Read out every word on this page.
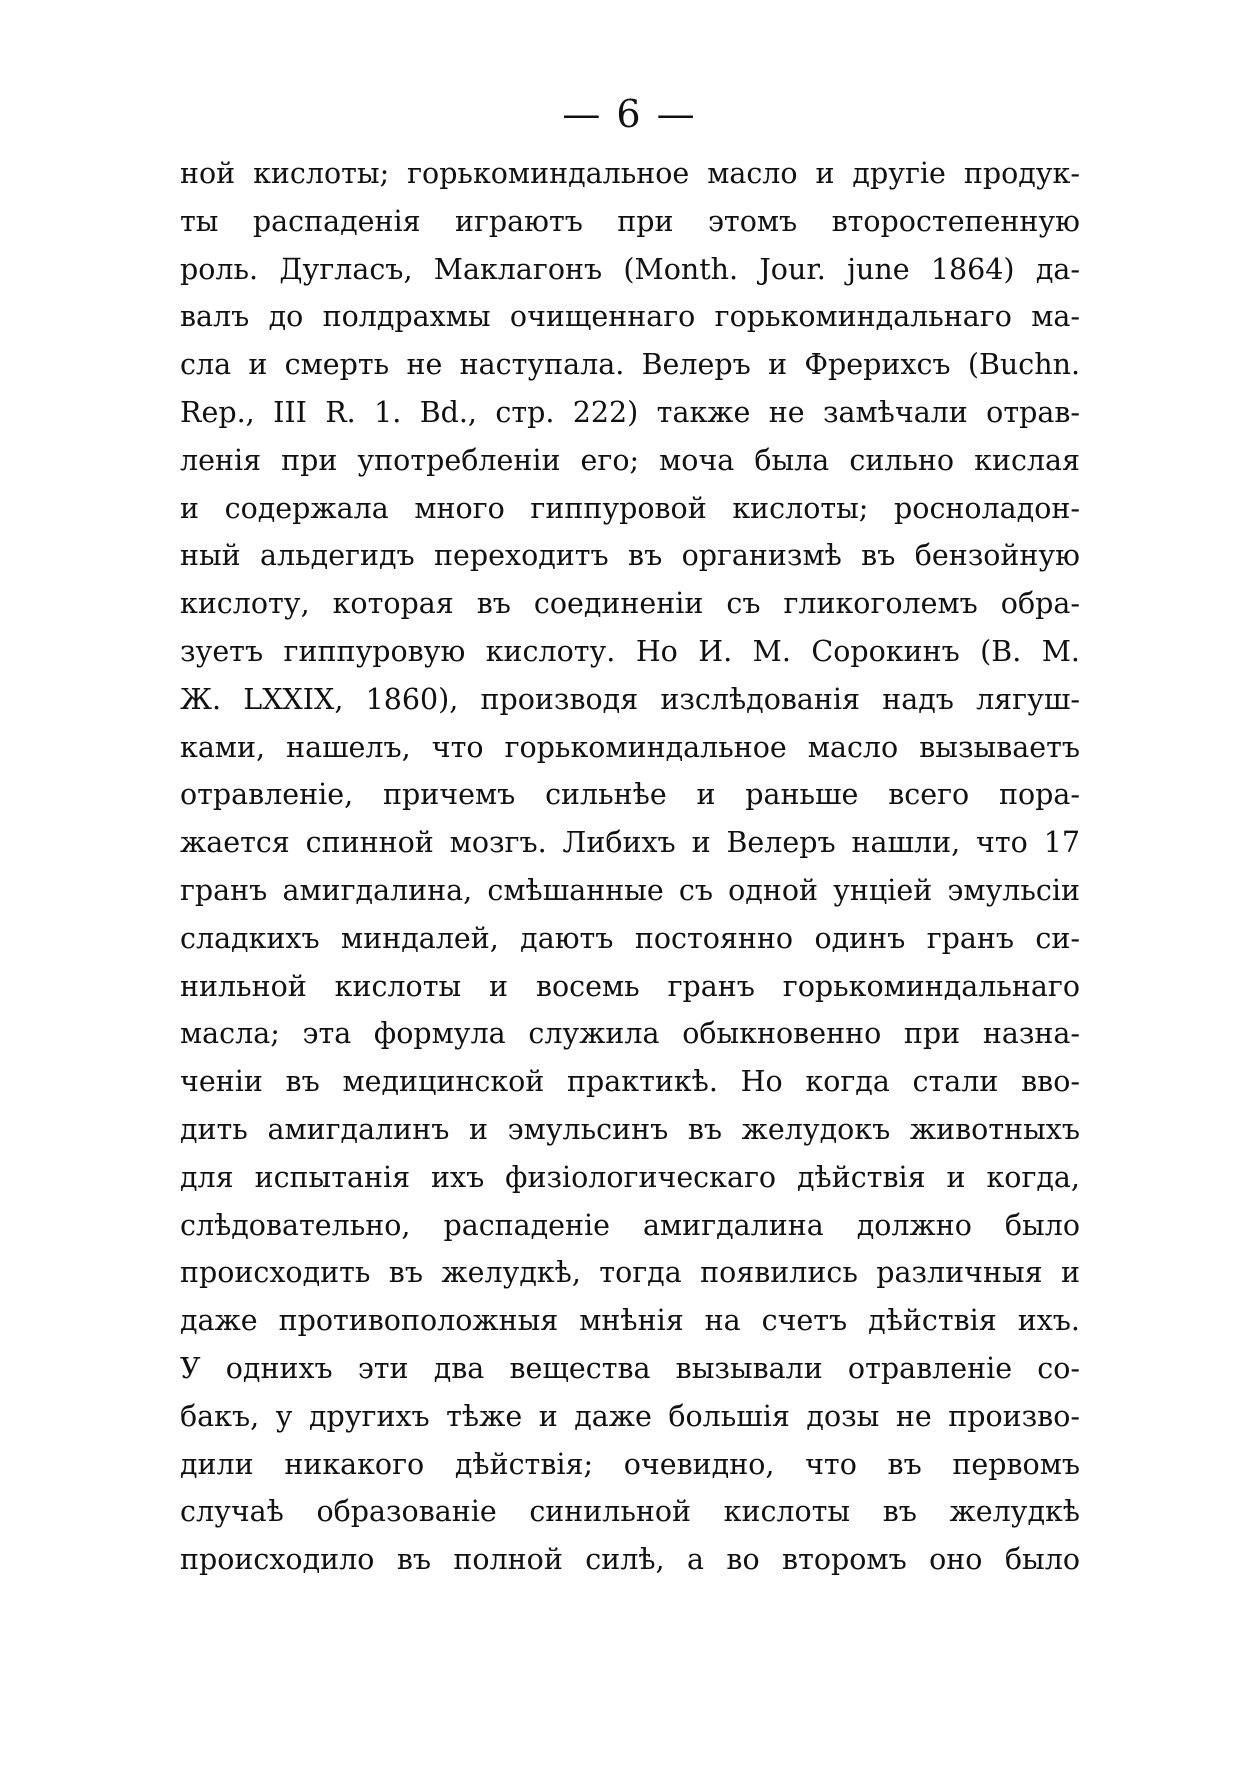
— 6 —
ной кислоты; горькоминдальное масло и другіе продук-
ты распаденія играютъ при этомъ второстепенную
роль. Дугласъ, Маклагонъ (Month. Jour. june 1864) да-
валъ до полдрахмы очищеннаго горькоминдальнаго ма-
сла и смерть не наступала. Велеръ и Фрерихсъ (Buchn.
Rep., III R. 1. Bd., стр. 222) также не замѣчали отрав-
ленія при употребленіи его; моча была сильно кислая
и содержала много гиппуровой кислоты; росноладон-
ный альдегидъ переходитъ въ организмѣ въ бензойную
кислоту, которая въ соединеніи съ гликоголемъ обра-
зуетъ гиппуровую кислоту. Но И. М. Сорокинъ (В. М.
Ж. LXXIX, 1860), производя изслѣдованія надъ лягуш-
ками, нашелъ, что горькоминдальное масло вызываетъ
отравленіе, причемъ сильнѣе и раньше всего пора-
жается спинной мозгъ. Либихъ и Велеръ нашли, что 17
гранъ амигдалина, смѣшанные съ одной унціей эмульсіи
сладкихъ миндалей, даютъ постоянно одинъ гранъ си-
нильной кислоты и восемь гранъ горькоминдальнаго
масла; эта формула служила обыкновенно при назна-
ченіи въ медицинской практикѣ. Но когда стали вво-
дить амигдалинъ и эмульсинъ въ желудокъ животныхъ
для испытанія ихъ физіологическаго дѣйствія и когда,
слѣдовательно, распаденіе амигдалина должно было
происходить въ желудкѣ, тогда появились различныя и
даже противоположныя мнѣнія на счетъ дѣйствія ихъ.
У однихъ эти два вещества вызывали отравленіе со-
бакъ, у другихъ тѣже и даже большія дозы не произво-
дили никакого дѣйствія; очевидно, что въ первомъ
случаѣ образованіе синильной кислоты въ желудкѣ
происходило въ полной силѣ, а во второмъ оно было
